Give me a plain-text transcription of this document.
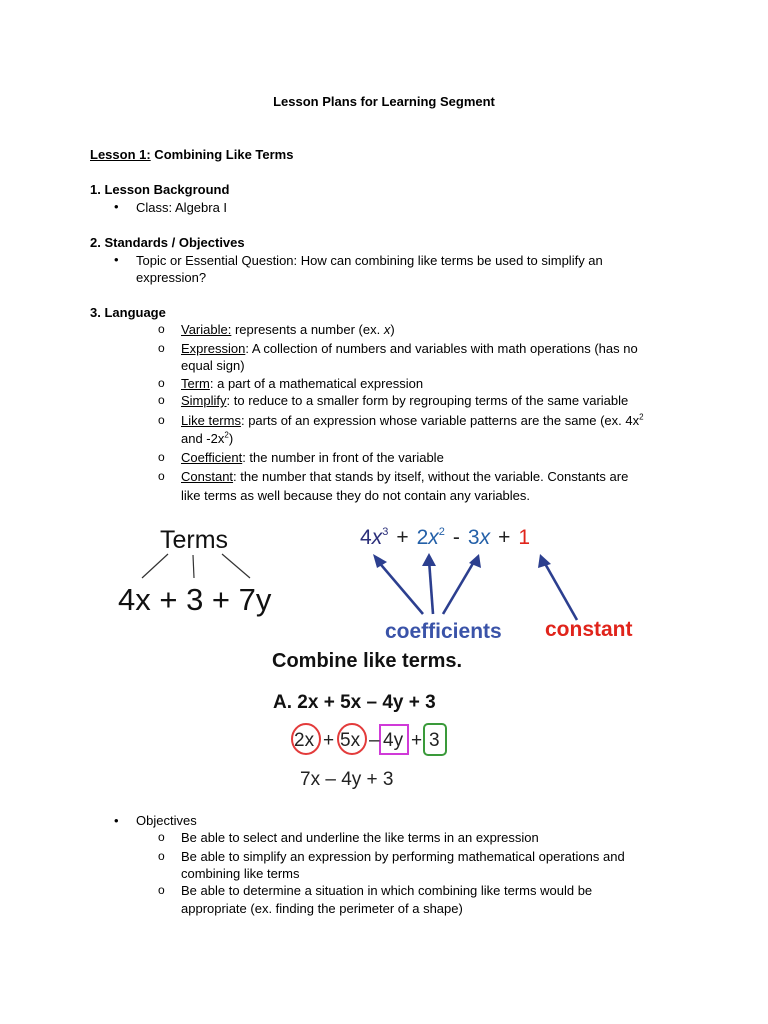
Lesson Plans for Learning Segment
Lesson 1: Combining Like Terms
1. Lesson Background
• Class: Algebra I
2. Standards / Objectives
• Topic or Essential Question: How can combining like terms be used to simplify an
expression?
3. Language
o Variable: represents a number (ex. x)
o Expression: A collection of numbers and variables with math operations (has no
equal sign)
o Term: a part of a mathematical expression
o Simplify: to reduce to a smaller form by regrouping terms of the same variable
o Like terms: parts of an expression whose variable patterns are the same (ex. $4x^2$
and $-2x^2$)
o Coefficient: the number in front of the variable
o Constant: the number that stands by itself, without the variable. Constants are
like terms as well because they do not contain any variables.
Terms
4x + 3 + 7y
$4x^3 + 2x^2 - 3x + 1$
coefficients constant
Combine like terms.
A. 2x + 5x – 4y + 3
2x + 5x – 4y + 3
7x – 4y + 3
• Objectives
o Be able to select and underline the like terms in an expression
o Be able to simplify an expression by performing mathematical operations and
combining like terms
o Be able to determine a situation in which combining like terms would be
appropriate (ex. finding the perimeter of a shape)
